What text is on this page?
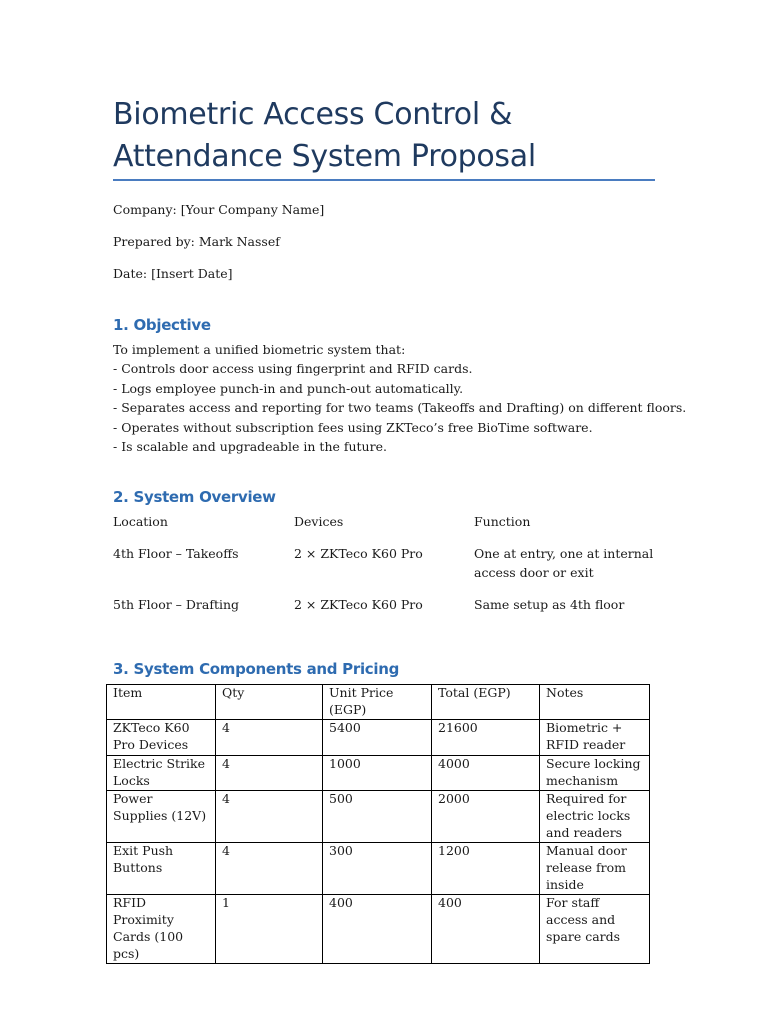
Biometric Access Control & Attendance System Proposal
Company: [Your Company Name]
Prepared by: Mark Nassef
Date: [Insert Date]
1. Objective
To implement a unified biometric system that:
- Controls door access using fingerprint and RFID cards.
- Logs employee punch-in and punch-out automatically.
- Separates access and reporting for two teams (Takeoffs and Drafting) on different floors.
- Operates without subscription fees using ZKTeco’s free BioTime software.
- Is scalable and upgradeable in the future.
2. System Overview
Location	Devices	Function
4th Floor – Takeoffs	2 × ZKTeco K60 Pro	One at entry, one at internal access door or exit
5th Floor – Drafting	2 × ZKTeco K60 Pro	Same setup as 4th floor
3. System Components and Pricing
Item	Qty	Unit Price (EGP)	Total (EGP)	Notes
ZKTeco K60 Pro Devices	4	5400	21600	Biometric + RFID reader
Electric Strike Locks	4	1000	4000	Secure locking mechanism
Power Supplies (12V)	4	500	2000	Required for electric locks and readers
Exit Push Buttons	4	300	1200	Manual door release from inside
RFID Proximity Cards (100 pcs)	1	400	400	For staff access and spare cards
